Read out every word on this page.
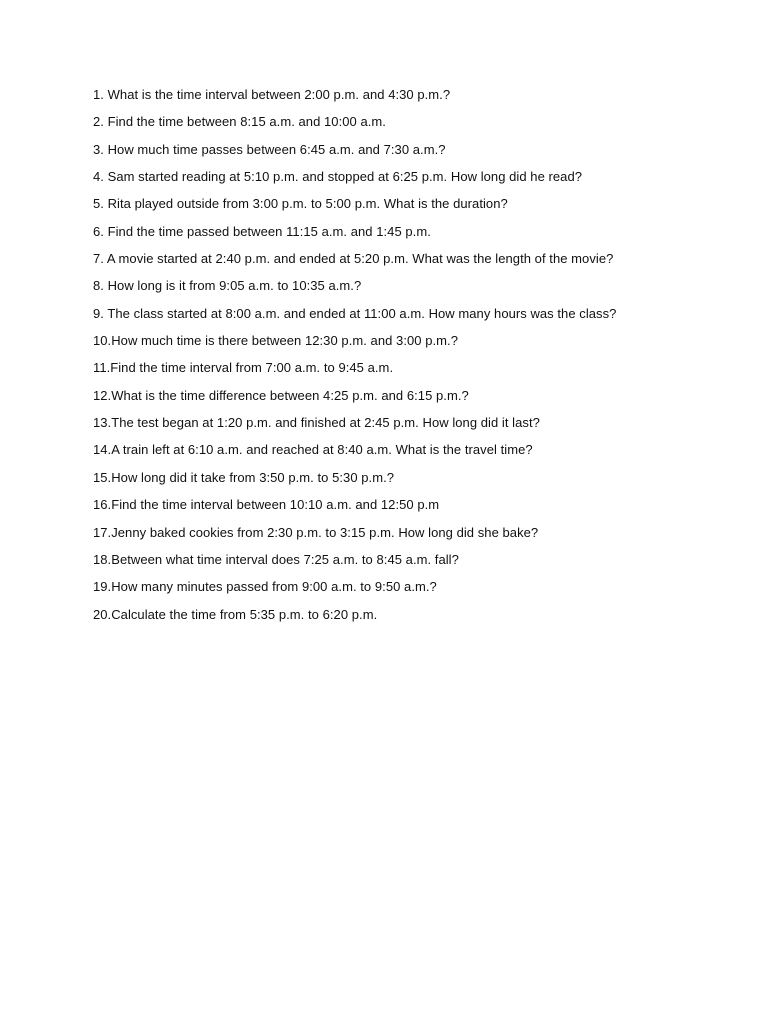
1. What is the time interval between 2:00 p.m. and 4:30 p.m.?
2. Find the time between 8:15 a.m. and 10:00 a.m.
3. How much time passes between 6:45 a.m. and 7:30 a.m.?
4. Sam started reading at 5:10 p.m. and stopped at 6:25 p.m. How long did he read?
5. Rita played outside from 3:00 p.m. to 5:00 p.m. What is the duration?
6. Find the time passed between 11:15 a.m. and 1:45 p.m.
7. A movie started at 2:40 p.m. and ended at 5:20 p.m. What was the length of the movie?
8. How long is it from 9:05 a.m. to 10:35 a.m.?
9. The class started at 8:00 a.m. and ended at 11:00 a.m. How many hours was the class?
10.How much time is there between 12:30 p.m. and 3:00 p.m.?
11.Find the time interval from 7:00 a.m. to 9:45 a.m.
12.What is the time difference between 4:25 p.m. and 6:15 p.m.?
13.The test began at 1:20 p.m. and finished at 2:45 p.m. How long did it last?
14.A train left at 6:10 a.m. and reached at 8:40 a.m. What is the travel time?
15.How long did it take from 3:50 p.m. to 5:30 p.m.?
16.Find the time interval between 10:10 a.m. and 12:50 p.m
17.Jenny baked cookies from 2:30 p.m. to 3:15 p.m. How long did she bake?
18.Between what time interval does 7:25 a.m. to 8:45 a.m. fall?
19.How many minutes passed from 9:00 a.m. to 9:50 a.m.?
20.Calculate the time from 5:35 p.m. to 6:20 p.m.
